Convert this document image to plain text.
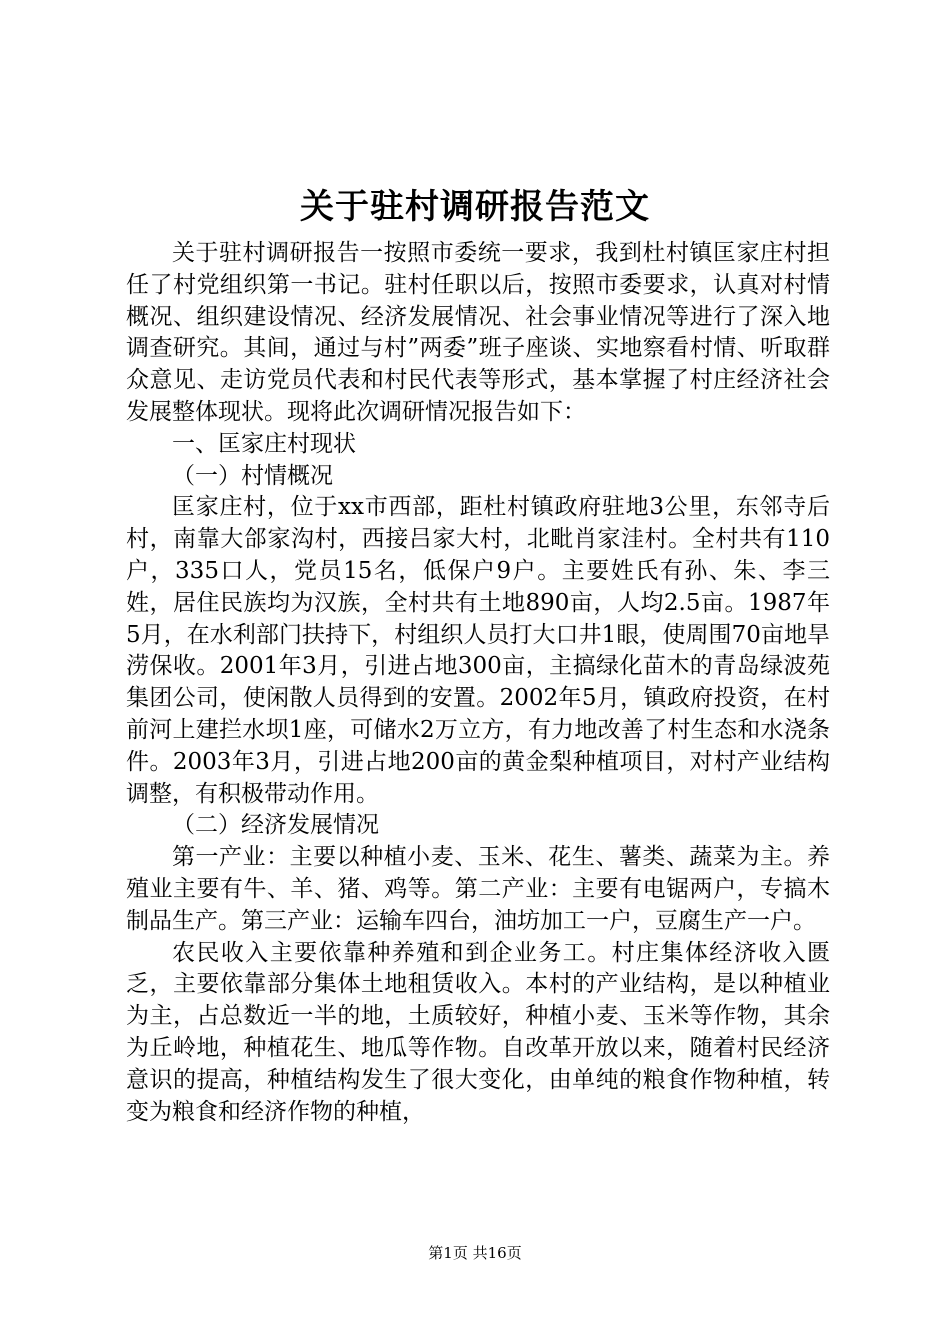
关于驻村调研报告范文

关于驻村调研报告一按照市委统一要求，我到杜村镇匡家庄村担任了村党组织第一书记。驻村任职以后，按照市委要求，认真对村情概况、组织建设情况、经济发展情况、社会事业情况等进行了深入地调查研究。其间，通过与村”两委”班子座谈、实地察看村情、听取群众意见、走访党员代表和村民代表等形式，基本掌握了村庄经济社会发展整体现状。现将此次调研情况报告如下：

一、匡家庄村现状

（一）村情概况

匡家庄村，位于xx市西部，距杜村镇政府驻地3公里，东邻寺后村，南靠大郃家沟村，西接吕家大村，北毗肖家洼村。全村共有110户，335口人，党员15名，低保户9户。主要姓氏有孙、朱、李三姓，居住民族均为汉族，全村共有土地890亩，人均2.5亩。1987年5月，在水利部门扶持下，村组织人员打大口井1眼，使周围70亩地旱涝保收。2001年3月，引进占地300亩，主搞绿化苗木的青岛绿波苑集团公司，使闲散人员得到的安置。2002年5月，镇政府投资，在村前河上建拦水坝1座，可储水2万立方，有力地改善了村生态和水浇条件。2003年3月，引进占地200亩的黄金梨种植项目，对村产业结构调整，有积极带动作用。

（二）经济发展情况

第一产业：主要以种植小麦、玉米、花生、薯类、蔬菜为主。养殖业主要有牛、羊、猪、鸡等。第二产业：主要有电锯两户，专搞木制品生产。第三产业：运输车四台，油坊加工一户，豆腐生产一户。

农民收入主要依靠种养殖和到企业务工。村庄集体经济收入匮乏，主要依靠部分集体土地租赁收入。本村的产业结构，是以种植业为主，占总数近一半的地，土质较好，种植小麦、玉米等作物，其余为丘岭地，种植花生、地瓜等作物。自改革开放以来，随着村民经济意识的提高，种植结构发生了很大变化，由单纯的粮食作物种植，转变为粮食和经济作物的种植，

第1页 共16页
